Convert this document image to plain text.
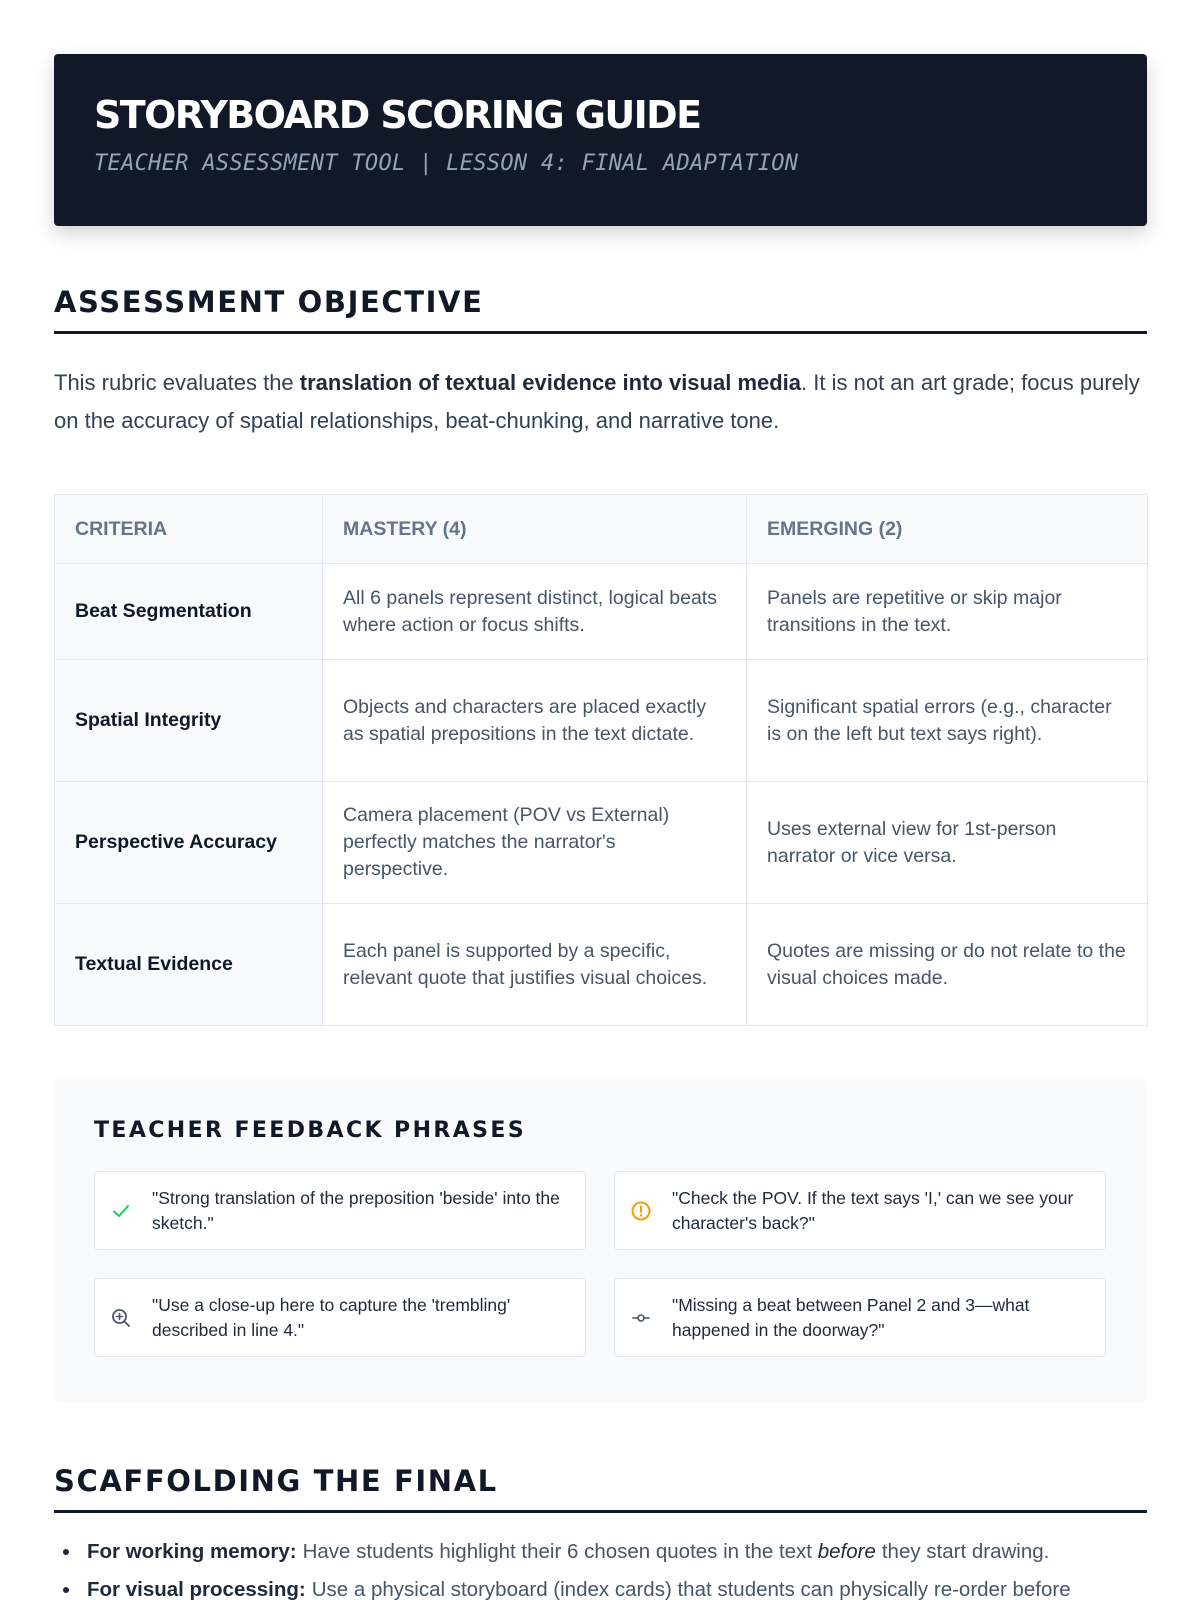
STORYBOARD SCORING GUIDE
TEACHER ASSESSMENT TOOL | LESSON 4: FINAL ADAPTATION
ASSESSMENT OBJECTIVE

This rubric evaluates the translation of textual evidence into visual media. It is not an art grade; focus purely on the accuracy of spatial relationships, beat-chunking, and narrative tone.

CRITERIA	MASTERY (4)	EMERGING (2)
Beat Segmentation	All 6 panels represent distinct, logical beats where action or focus shifts.	Panels are repetitive or skip major transitions in the text.
Spatial Integrity	Objects and characters are placed exactly as spatial prepositions in the text dictate.	Significant spatial errors (e.g., character is on the left but text says right).
Perspective Accuracy	Camera placement (POV vs External) perfectly matches the narrator's perspective.	Uses external view for 1st-person narrator or vice versa.
Textual Evidence	Each panel is supported by a specific, relevant quote that justifies visual choices.	Quotes are missing or do not relate to the visual choices made.
TEACHER FEEDBACK PHRASES
"Strong translation of the preposition 'beside' into the sketch."
"Check the POV. If the text says 'I,' can we see your character's back?"
"Use a close-up here to capture the 'trembling' described in line 4."
"Missing a beat between Panel 2 and 3—what happened in the doorway?"
SCAFFOLDING THE FINAL
For working memory: Have students highlight their 6 chosen quotes in the text before they start drawing.
For visual processing: Use a physical storyboard (index cards) that students can physically re-order before
